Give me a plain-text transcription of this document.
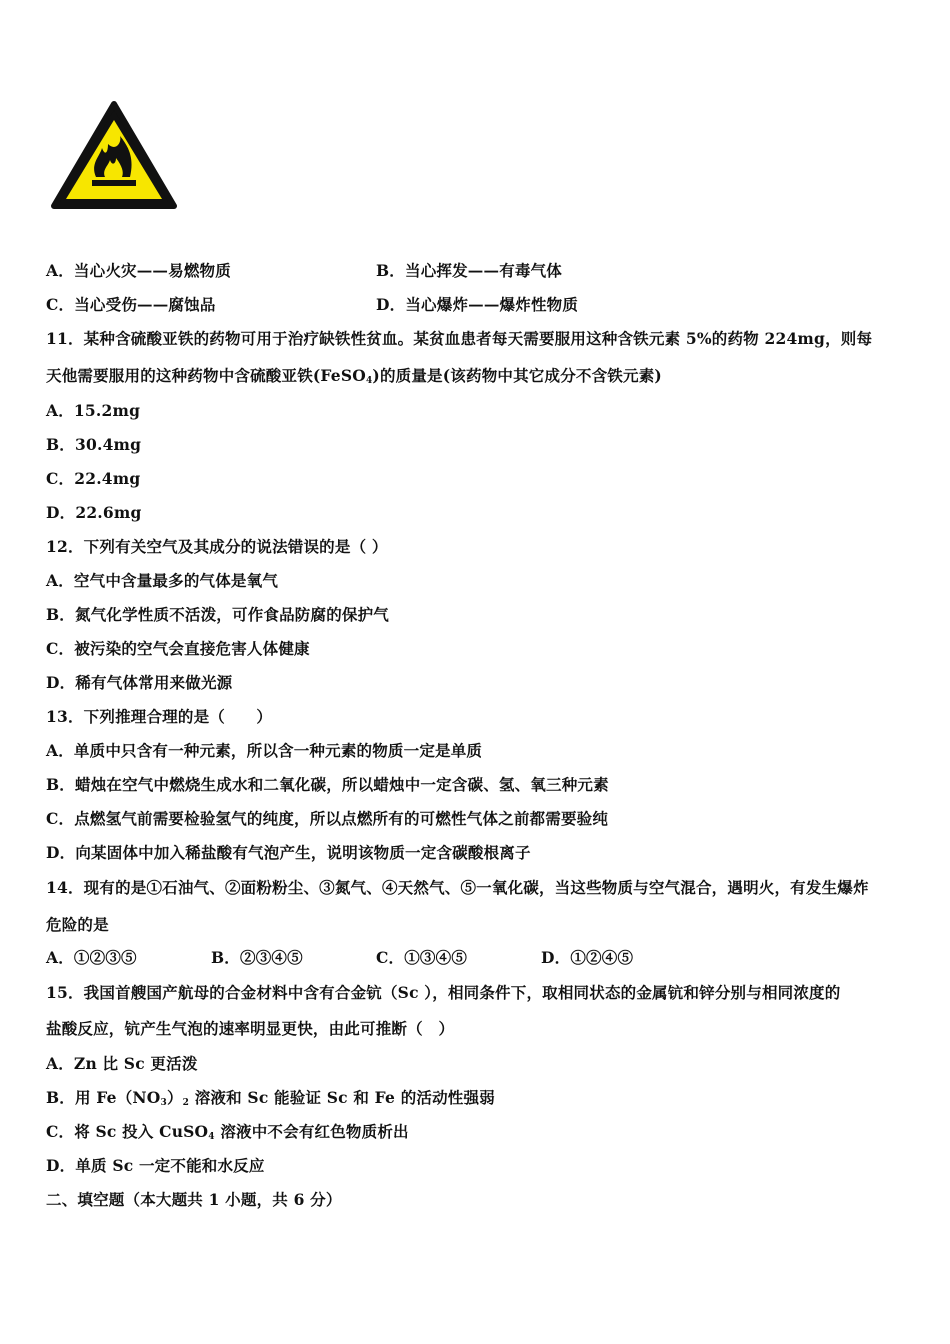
A．当心火灾——易燃物质	B．当心挥发——有毒气体
C．当心受伤——腐蚀品	D．当心爆炸——爆炸性物质
11．某种含硫酸亚铁的药物可用于治疗缺铁性贫血。某贫血患者每天需要服用这种含铁元素 5%的药物 224mg，则每
天他需要服用的这种药物中含硫酸亚铁(FeSO$_4$)的质量是(该药物中其它成分不含铁元素)
A．15.2mg
B．30.4mg
C．22.4mg
D．22.6mg
12．下列有关空气及其成分的说法错误的是（ ）
A．空气中含量最多的气体是氧气
B．氮气化学性质不活泼，可作食品防腐的保护气
C．被污染的空气会直接危害人体健康
D．稀有气体常用来做光源
13．下列推理合理的是（　　）
A．单质中只含有一种元素，所以含一种元素的物质一定是单质
B．蜡烛在空气中燃烧生成水和二氧化碳，所以蜡烛中一定含碳、氢、氧三种元素
C．点燃氢气前需要检验氢气的纯度，所以点燃所有的可燃性气体之前都需要验纯
D．向某固体中加入稀盐酸有气泡产生，说明该物质一定含碳酸根离子
14．现有的是①石油气、②面粉粉尘、③氮气、④天然气、⑤一氧化碳，当这些物质与空气混合，遇明火，有发生爆炸
危险的是
A．①②③⑤	B．②③④⑤	C．①③④⑤	D．①②④⑤
15．我国首艘国产航母的合金材料中含有合金钪（Sc ），相同条件下，取相同状态的金属钪和锌分别与相同浓度的
盐酸反应，钪产生气泡的速率明显更快，由此可推断（　）
A．Zn 比 Sc 更活泼
B．用 $Fe(NO_3)_2$ 溶液和 Sc 能验证 Sc 和 Fe 的活动性强弱
C．将 Sc 投入 CuSO$_4$ 溶液中不会有红色物质析出
D．单质 Sc 一定不能和水反应
二、填空题（本大题共 1 小题，共 6 分）
